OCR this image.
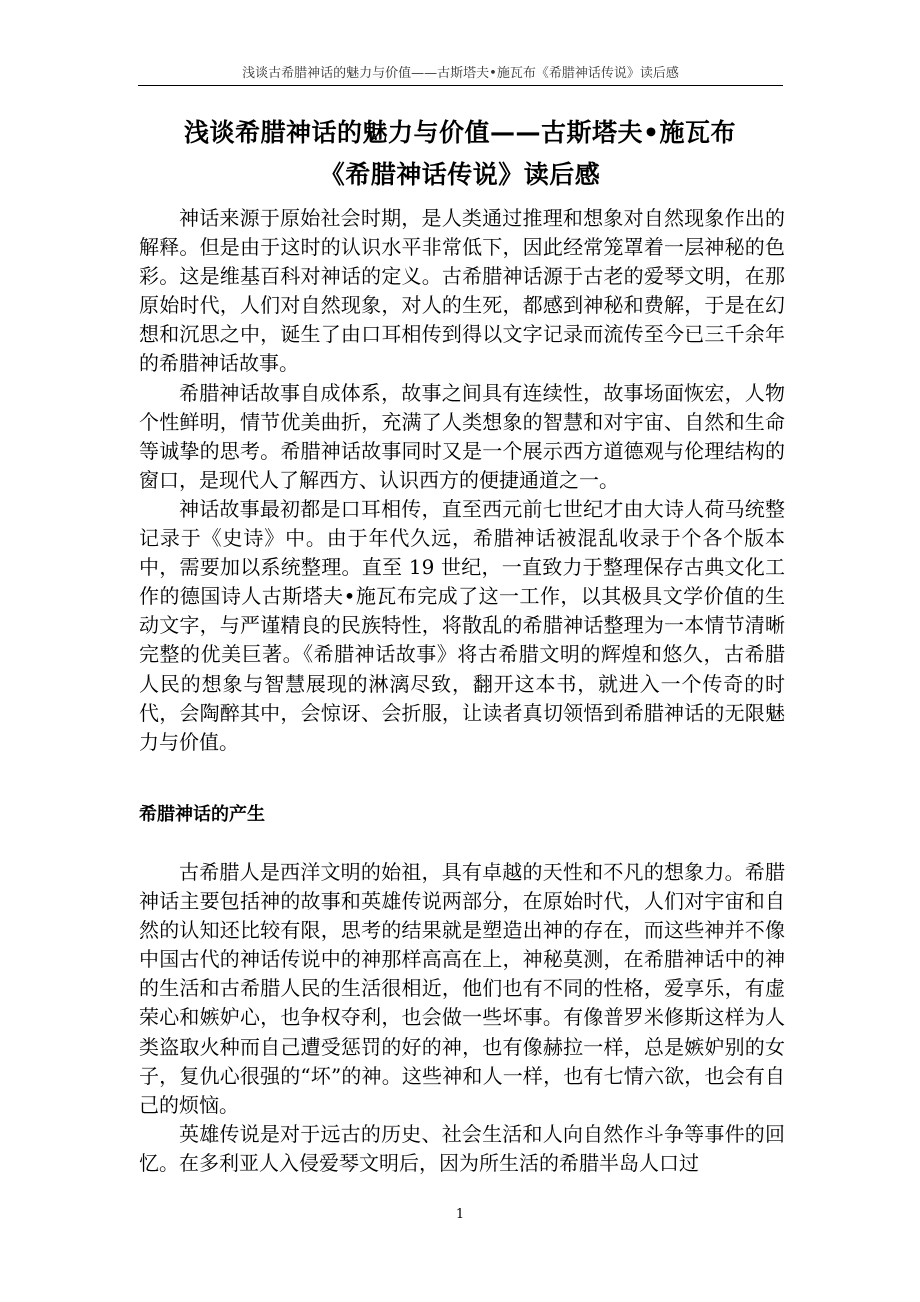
浅谈古希腊神话的魅力与价值——古斯塔夫•施瓦布《希腊神话传说》读后感
浅谈希腊神话的魅力与价值——古斯塔夫•施瓦布
《希腊神话传说》读后感

神话来源于原始社会时期，是人类通过推理和想象对自然现象作出的解释。但是由于这时的认识水平非常低下，因此经常笼罩着一层神秘的色彩。这是维基百科对神话的定义。古希腊神话源于古老的爱琴文明，在那原始时代，人们对自然现象，对人的生死，都感到神秘和费解，于是在幻想和沉思之中，诞生了由口耳相传到得以文字记录而流传至今已三千余年的希腊神话故事。

希腊神话故事自成体系，故事之间具有连续性，故事场面恢宏，人物个性鲜明，情节优美曲折，充满了人类想象的智慧和对宇宙、自然和生命等诚挚的思考。希腊神话故事同时又是一个展示西方道德观与伦理结构的窗口，是现代人了解西方、认识西方的便捷通道之一。

神话故事最初都是口耳相传，直至西元前七世纪才由大诗人荷马统整记录于《史诗》中。由于年代久远，希腊神话被混乱收录于个各个版本中，需要加以系统整理。直至 19 世纪，一直致力于整理保存古典文化工作的德国诗人古斯塔夫•施瓦布完成了这一工作，以其极具文学价值的生动文字，与严谨精良的民族特性，将散乱的希腊神话整理为一本情节清晰完整的优美巨著。《希腊神话故事》将古希腊文明的辉煌和悠久，古希腊人民的想象与智慧展现的淋漓尽致，翻开这本书，就进入一个传奇的时代，会陶醉其中，会惊讶、会折服，让读者真切领悟到希腊神话的无限魅力与价值。

希腊神话的产生

古希腊人是西洋文明的始祖，具有卓越的天性和不凡的想象力。希腊神话主要包括神的故事和英雄传说两部分，在原始时代，人们对宇宙和自然的认知还比较有限，思考的结果就是塑造出神的存在，而这些神并不像中国古代的神话传说中的神那样高高在上，神秘莫测，在希腊神话中的神的生活和古希腊人民的生活很相近，他们也有不同的性格，爱享乐，有虚荣心和嫉妒心，也争权夺利，也会做一些坏事。有像普罗米修斯这样为人类盗取火种而自己遭受惩罚的好的神，也有像赫拉一样，总是嫉妒别的女子，复仇心很强的“坏”的神。这些神和人一样，也有七情六欲，也会有自己的烦恼。

英雄传说是对于远古的历史、社会生活和人向自然作斗争等事件的回忆。在多利亚人入侵爱琴文明后，因为所生活的希腊半岛人口过

1
